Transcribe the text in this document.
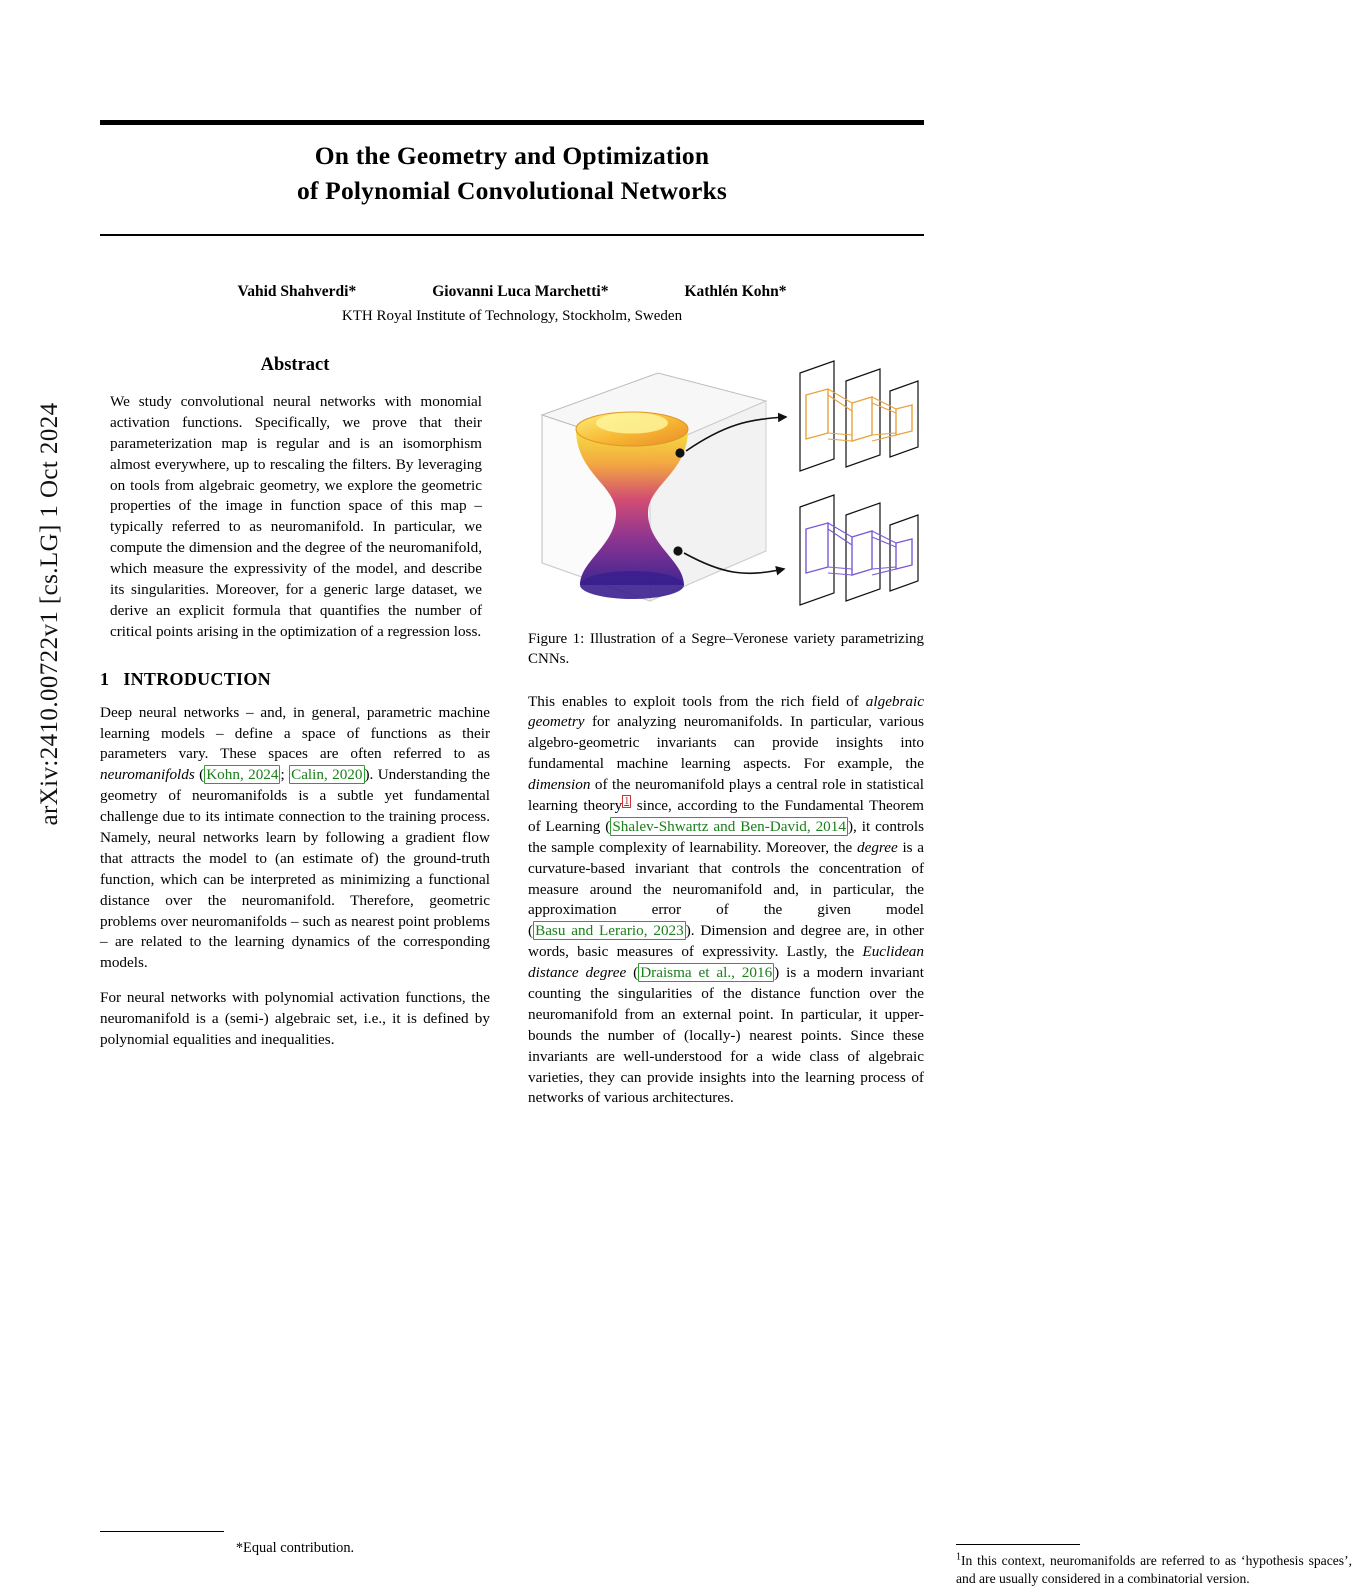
arXiv:2410.00722v1 [cs.LG] 1 Oct 2024
On the Geometry and Optimization
of Polynomial Convolutional Networks
Vahid Shahverdi*	Giovanni Luca Marchetti*	Kathlén Kohn*
KTH Royal Institute of Technology, Stockholm, Sweden
Abstract

We study convolutional neural networks with monomial activation functions. Specifically, we prove that their parameterization map is regular and is an isomorphism almost everywhere, up to rescaling the filters. By leveraging on tools from algebraic geometry, we explore the geometric properties of the image in function space of this map – typically referred to as neuromanifold. In particular, we compute the dimension and the degree of the neuromanifold, which measure the expressivity of the model, and describe its singularities. Moreover, for a generic large dataset, we derive an explicit formula that quantifies the number of critical points arising in the optimization of a regression loss.

1 INTRODUCTION

Deep neural networks – and, in general, parametric machine learning models – define a space of functions as their parameters vary. These spaces are often referred to as neuromanifolds ( Kohn, 2024 ; Calin, 2020 ). Understanding the geometry of neuromanifolds is a subtle yet fundamental challenge due to its intimate connection to the training process. Namely, neural networks learn by following a gradient flow that attracts the model to (an estimate of) the ground-truth function, which can be interpreted as minimizing a functional distance over the neuromanifold. Therefore, geometric problems over neuromanifolds – such as nearest point problems – are related to the learning dynamics of the corresponding models.

For neural networks with polynomial activation functions, the neuromanifold is a (semi-) algebraic set, i.e., it is defined by polynomial equalities and inequalities.

*Equal contribution.
Figure 1: Illustration of a Segre–Veronese variety parametrizing CNNs.

This enables to exploit tools from the rich field of algebraic geometry for analyzing neuromanifolds. In particular, various algebro-geometric invariants can provide insights into fundamental machine learning aspects. For example, the dimension of the neuromanifold plays a central role in statistical learning theory $^1$ since, according to the Fundamental Theorem of Learning ( Shalev-Shwartz and Ben-David, 2014 ), it controls the sample complexity of learnability. Moreover, the degree is a curvature-based invariant that controls the concentration of measure around the neuromanifold and, in particular, the approximation error of the given model ( Basu and Lerario, 2023 ). Dimension and degree are, in other words, basic measures of expressivity. Lastly, the Euclidean distance degree ( Draisma et al., 2016 ) is a modern invariant counting the singularities of the distance function over the neuromanifold from an external point. In particular, it upper-bounds the number of (locally-) nearest points. Since these invariants are well-understood for a wide class of algebraic varieties, they can provide insights into the learning process of networks of various architectures.

$^1$In this context, neuromanifolds are referred to as ‘hypothesis spaces’, and are usually considered in a combinatorial version.
